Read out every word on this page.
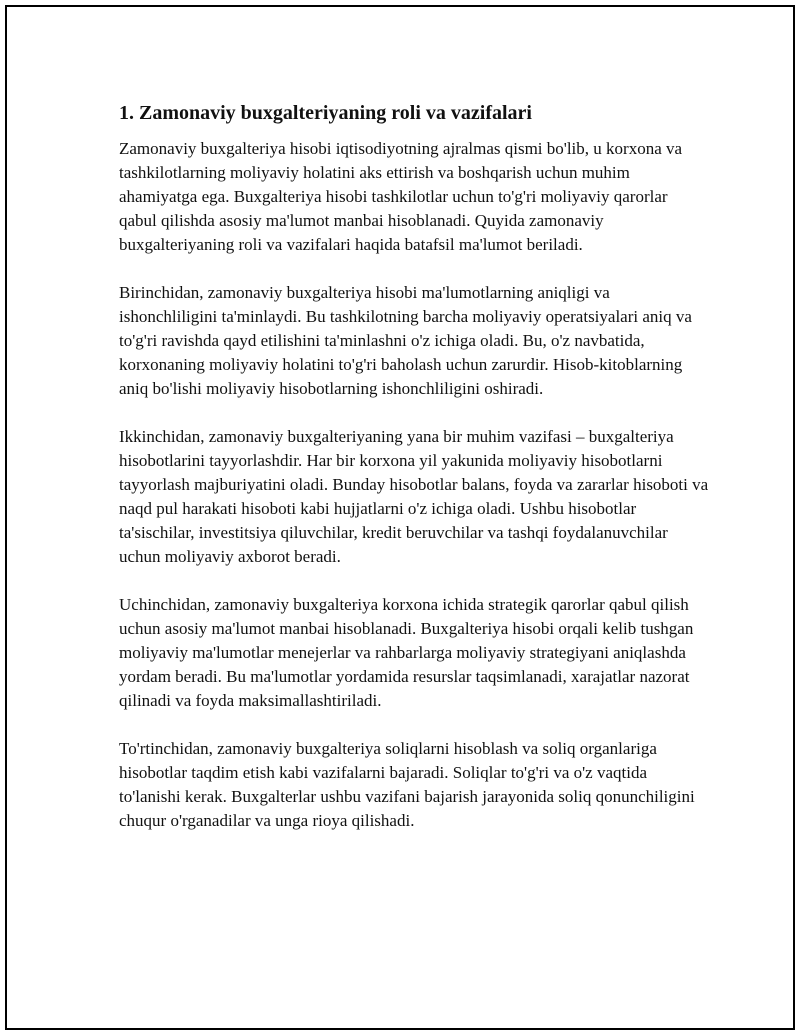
1. Zamonaviy buxgalteriyaning roli va vazifalari

Zamonaviy buxgalteriya hisobi iqtisodiyotning ajralmas qismi bo'lib, u korxona va tashkilotlarning moliyaviy holatini aks ettirish va boshqarish uchun muhim ahamiyatga ega. Buxgalteriya hisobi tashkilotlar uchun to'g'ri moliyaviy qarorlar qabul qilishda asosiy ma'lumot manbai hisoblanadi. Quyida zamonaviy buxgalteriyaning roli va vazifalari haqida batafsil ma'lumot beriladi.

Birinchidan, zamonaviy buxgalteriya hisobi ma'lumotlarning aniqligi va ishonchliligini ta'minlaydi. Bu tashkilotning barcha moliyaviy operatsiyalari aniq va to'g'ri ravishda qayd etilishini ta'minlashni o'z ichiga oladi. Bu, o'z navbatida, korxonaning moliyaviy holatini to'g'ri baholash uchun zarurdir. Hisob-kitoblarning aniq bo'lishi moliyaviy hisobotlarning ishonchliligini oshiradi.

Ikkinchidan, zamonaviy buxgalteriyaning yana bir muhim vazifasi – buxgalteriya hisobotlarini tayyorlashdir. Har bir korxona yil yakunida moliyaviy hisobotlarni tayyorlash majburiyatini oladi. Bunday hisobotlar balans, foyda va zararlar hisoboti va naqd pul harakati hisoboti kabi hujjatlarni o'z ichiga oladi. Ushbu hisobotlar ta'sischilar, investitsiya qiluvchilar, kredit beruvchilar va tashqi foydalanuvchilar uchun moliyaviy axborot beradi.

Uchinchidan, zamonaviy buxgalteriya korxona ichida strategik qarorlar qabul qilish uchun asosiy ma'lumot manbai hisoblanadi. Buxgalteriya hisobi orqali kelib tushgan moliyaviy ma'lumotlar menejerlar va rahbarlarga moliyaviy strategiyani aniqlashda yordam beradi. Bu ma'lumotlar yordamida resurslar taqsimlanadi, xarajatlar nazorat qilinadi va foyda maksimallashtiriladi.

To'rtinchidan, zamonaviy buxgalteriya soliqlarni hisoblash va soliq organlariga hisobotlar taqdim etish kabi vazifalarni bajaradi. Soliqlar to'g'ri va o'z vaqtida to'lanishi kerak. Buxgalterlar ushbu vazifani bajarish jarayonida soliq qonunchiligini chuqur o'rganadilar va unga rioya qilishadi.
